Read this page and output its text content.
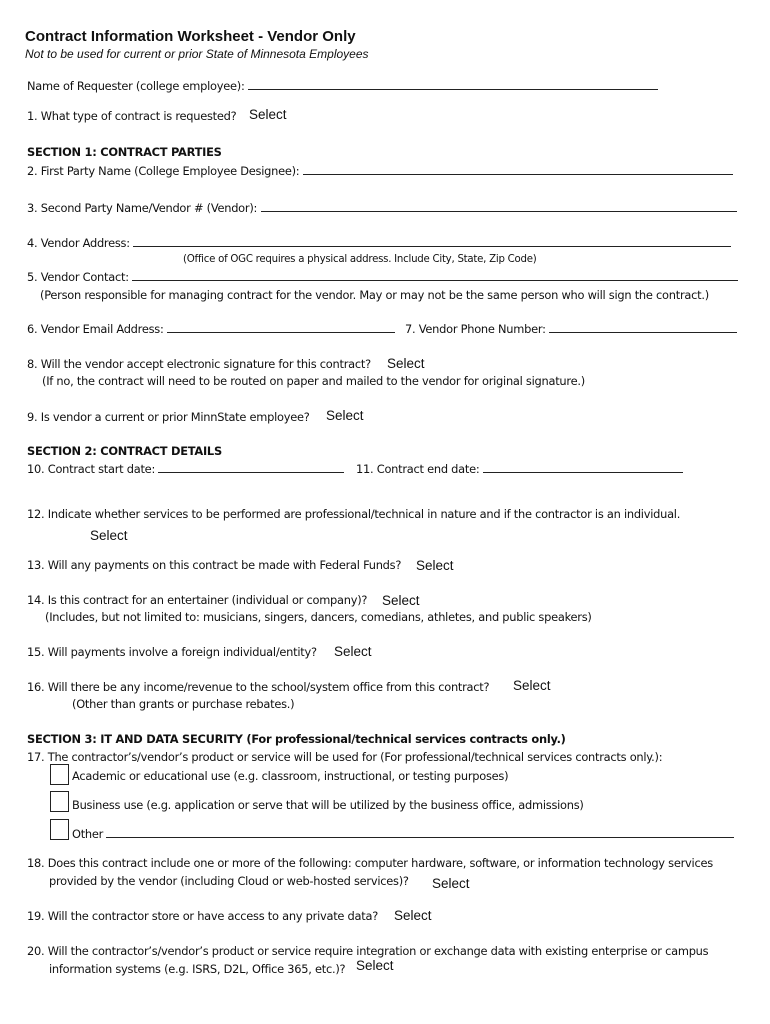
Contract Information Worksheet - Vendor Only
Not to be used for current or prior State of Minnesota Employees
Name of Requester (college employee):
1. What type of contract is requested? Select
SECTION 1: CONTRACT PARTIES
2. First Party Name (College Employee Designee):
3. Second Party Name/Vendor # (Vendor):
4. Vendor Address:
(Office of OGC requires a physical address. Include City, State, Zip Code)
5. Vendor Contact:
(Person responsible for managing contract for the vendor. May or may not be the same person who will sign the contract.)
6. Vendor Email Address:	7. Vendor Phone Number:
8. Will the vendor accept electronic signature for this contract? Select
(If no, the contract will need to be routed on paper and mailed to the vendor for original signature.)
9. Is vendor a current or prior MinnState employee? Select
SECTION 2: CONTRACT DETAILS
10. Contract start date:	11. Contract end date:
12. Indicate whether services to be performed are professional/technical in nature and if the contractor is an individual.
Select
13. Will any payments on this contract be made with Federal Funds? Select
14. Is this contract for an entertainer (individual or company)? Select
(Includes, but not limited to: musicians, singers, dancers, comedians, athletes, and public speakers)
15. Will payments involve a foreign individual/entity? Select
16. Will there be any income/revenue to the school/system office from this contract? Select
(Other than grants or purchase rebates.)
SECTION 3: IT AND DATA SECURITY (For professional/technical services contracts only.)
17. The contractor’s/vendor’s product or service will be used for (For professional/technical services contracts only.):
Academic or educational use (e.g. classroom, instructional, or testing purposes)
Business use (e.g. application or serve that will be utilized by the business office, admissions)
Other
18. Does this contract include one or more of the following: computer hardware, software, or information technology services
provided by the vendor (including Cloud or web-hosted services)? Select
19. Will the contractor store or have access to any private data? Select
20. Will the contractor’s/vendor’s product or service require integration or exchange data with existing enterprise or campus
information systems (e.g. ISRS, D2L, Office 365, etc.)? Select
